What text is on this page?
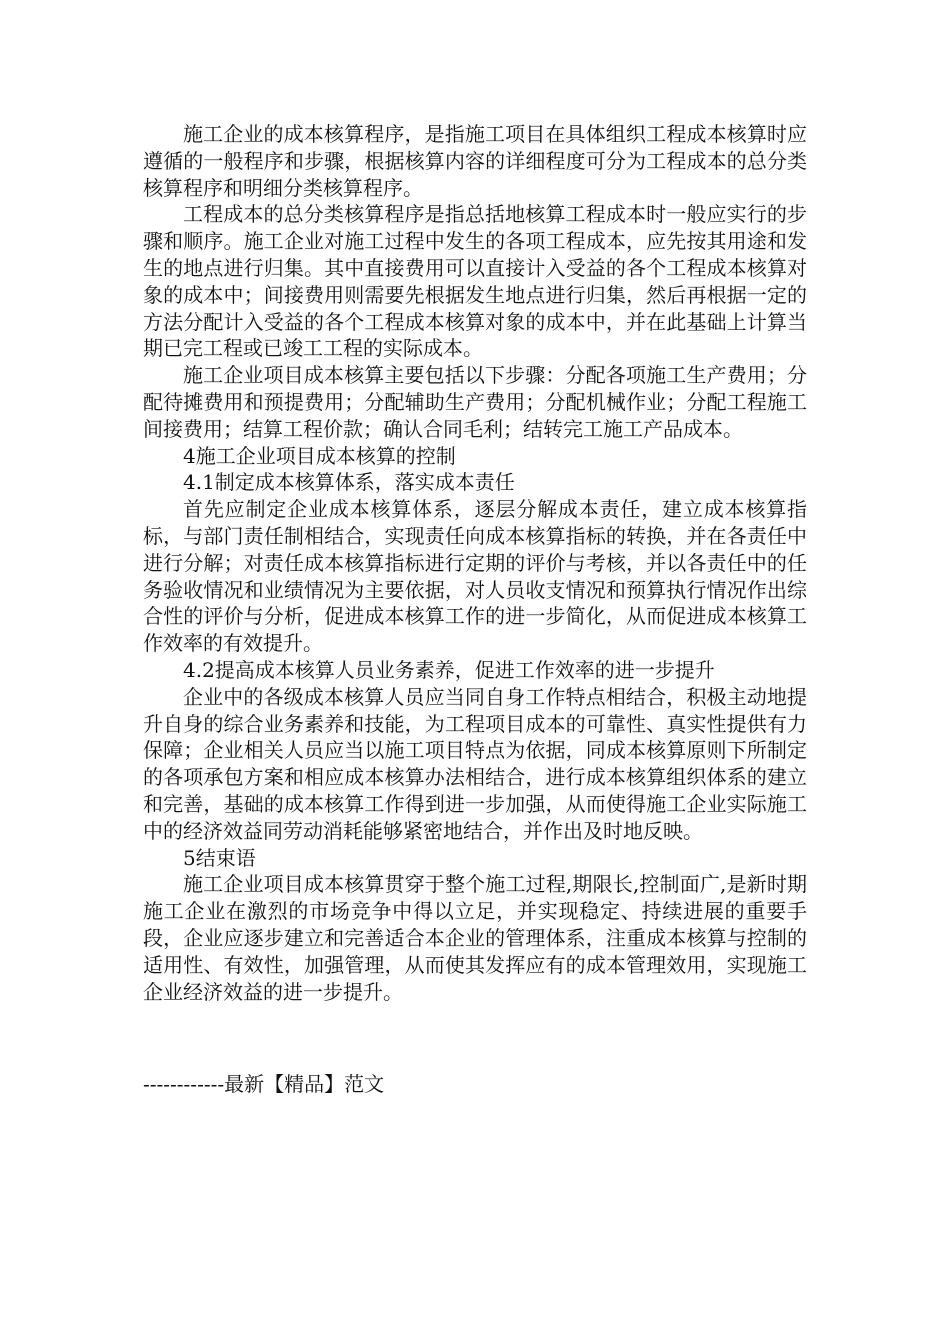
施工企业的成本核算程序，是指施工项目在具体组织工程成本核算时应遵循的一般程序和步骤，根据核算内容的详细程度可分为工程成本的总分类核算程序和明细分类核算程序。

工程成本的总分类核算程序是指总括地核算工程成本时一般应实行的步骤和顺序。施工企业对施工过程中发生的各项工程成本，应先按其用途和发生的地点进行归集。其中直接费用可以直接计入受益的各个工程成本核算对象的成本中；间接费用则需要先根据发生地点进行归集，然后再根据一定的方法分配计入受益的各个工程成本核算对象的成本中，并在此基础上计算当期已完工程或已竣工工程的实际成本。

施工企业项目成本核算主要包括以下步骤：分配各项施工生产费用；分配待摊费用和预提费用；分配辅助生产费用；分配机械作业；分配工程施工间接费用；结算工程价款；确认合同毛利；结转完工施工产品成本。

4施工企业项目成本核算的控制

4.1制定成本核算体系，落实成本责任

首先应制定企业成本核算体系，逐层分解成本责任，建立成本核算指标，与部门责任制相结合，实现责任向成本核算指标的转换，并在各责任中进行分解；对责任成本核算指标进行定期的评价与考核，并以各责任中的任务验收情况和业绩情况为主要依据，对人员收支情况和预算执行情况作出综合性的评价与分析，促进成本核算工作的进一步简化，从而促进成本核算工作效率的有效提升。

4.2提高成本核算人员业务素养，促进工作效率的进一步提升

企业中的各级成本核算人员应当同自身工作特点相结合，积极主动地提升自身的综合业务素养和技能，为工程项目成本的可靠性、真实性提供有力保障；企业相关人员应当以施工项目特点为依据，同成本核算原则下所制定的各项承包方案和相应成本核算办法相结合，进行成本核算组织体系的建立和完善，基础的成本核算工作得到进一步加强，从而使得施工企业实际施工中的经济效益同劳动消耗能够紧密地结合，并作出及时地反映。

5结束语

施工企业项目成本核算贯穿于整个施工过程,期限长,控制面广,是新时期施工企业在激烈的市场竞争中得以立足，并实现稳定、持续进展的重要手段，企业应逐步建立和完善适合本企业的管理体系，注重成本核算与控制的适用性、有效性，加强管理，从而使其发挥应有的成本管理效用，实现施工企业经济效益的进一步提升。

------------最新【精品】范文
